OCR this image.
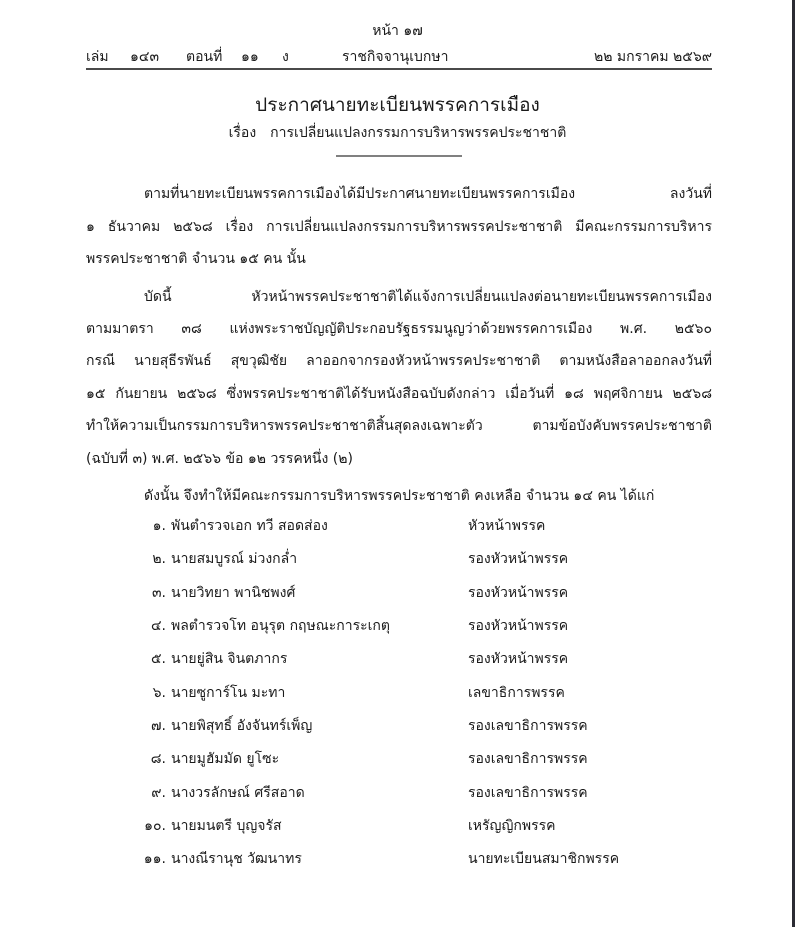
หน้า ๑๗
เล่ม ๑๔๓ ตอนที่ ๑๑ ง	ราชกิจจานุเบกษา	๒๒ มกราคม ๒๕๖๙
ประกาศนายทะเบียนพรรคการเมือง
เรื่อง การเปลี่ยนแปลงกรรมการบริหารพรรคประชาชาติ
ตามที่นายทะเบียนพรรคการเมืองได้มีประกาศนายทะเบียนพรรคการเมือง ลงวันที่
๑ ธันวาคม ๒๕๖๘ เรื่อง การเปลี่ยนแปลงกรรมการบริหารพรรคประชาชาติ มีคณะกรรมการบริหาร
พรรคประชาชาติ จำนวน ๑๕ คน นั้น
บัดนี้ หัวหน้าพรรคประชาชาติได้แจ้งการเปลี่ยนแปลงต่อนายทะเบียนพรรคการเมือง
ตามมาตรา ๓๘ แห่งพระราชบัญญัติประกอบรัฐธรรมนูญว่าด้วยพรรคการเมือง พ.ศ. ๒๕๖๐
กรณี นายสุธีรพันธ์ สุขวุฒิชัย ลาออกจากรองหัวหน้าพรรคประชาชาติ ตามหนังสือลาออกลงวันที่
๑๕ กันยายน ๒๕๖๘ ซึ่งพรรคประชาชาติได้รับหนังสือฉบับดังกล่าว เมื่อวันที่ ๑๘ พฤศจิกายน ๒๕๖๘
ทำให้ความเป็นกรรมการบริหารพรรคประชาชาติสิ้นสุดลงเฉพาะตัว ตามข้อบังคับพรรคประชาชาติ
(ฉบับที่ ๓) พ.ศ. ๒๕๖๖ ข้อ ๑๒ วรรคหนึ่ง (๒)
ดังนั้น จึงทำให้มีคณะกรรมการบริหารพรรคประชาชาติ คงเหลือ จำนวน ๑๔ คน ได้แก่
๑. พันตำรวจเอก ทวี สอดส่อง	หัวหน้าพรรค
๒. นายสมบูรณ์ ม่วงกล่ำ	รองหัวหน้าพรรค
๓. นายวิทยา พานิชพงศ์	รองหัวหน้าพรรค
๔. พลตำรวจโท อนุรุต กฤษณะการะเกตุ	รองหัวหน้าพรรค
๕. นายยู่สิน จินตภากร	รองหัวหน้าพรรค
๖. นายซูการ์โน มะทา	เลขาธิการพรรค
๗. นายพิสุทธิ์ อังจันทร์เพ็ญ	รองเลขาธิการพรรค
๘. นายมูฮัมมัด ยูโซะ	รองเลขาธิการพรรค
๙. นางวรลักษณ์ ศรีสอาด	รองเลขาธิการพรรค
๑๐. นายมนตรี บุญจรัส	เหรัญญิกพรรค
๑๑. นางณีรานุช วัฒนาทร	นายทะเบียนสมาชิกพรรค
